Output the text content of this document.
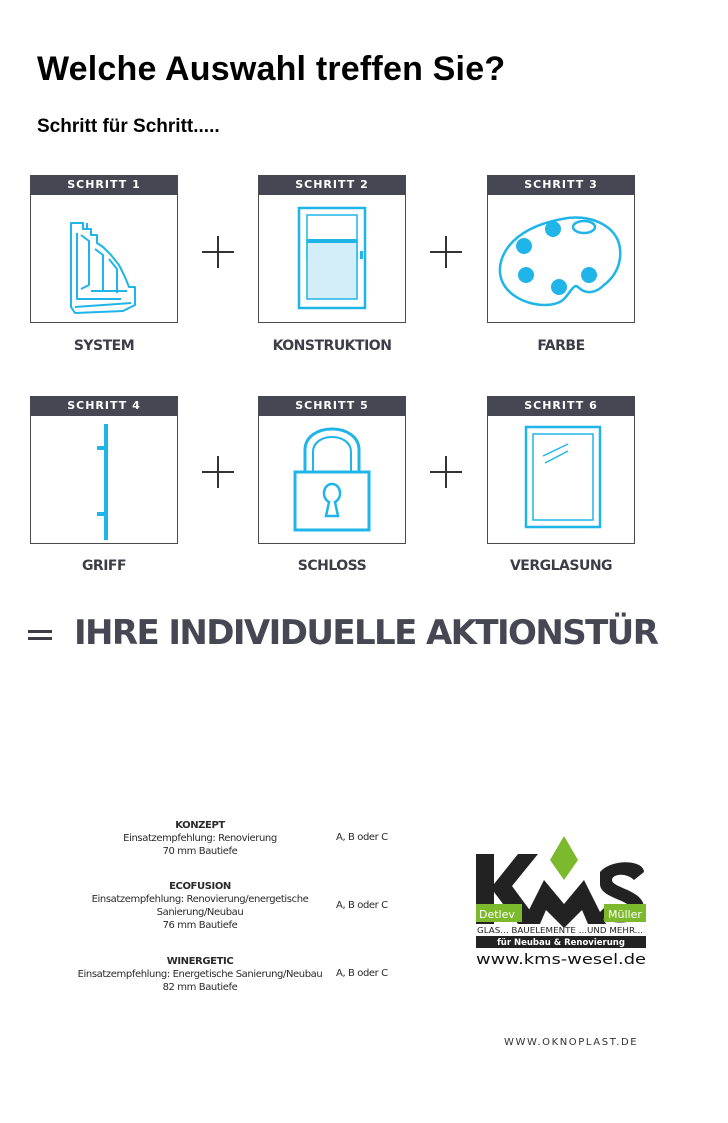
Welche Auswahl treffen Sie?
Schritt für Schritt.....
SCHRITT 1
SYSTEM
SCHRITT 2
KONSTRUKTION
SCHRITT 3
FARBE
SCHRITT 4
GRIFF
SCHRITT 5
SCHLOSS
SCHRITT 6
VERGLASUNG
IHRE INDIVIDUELLE AKTIONSTÜR
KONZEPT
Einsatzempfehlung: Renovierung
70 mm Bautiefe
A, B oder C
ECOFUSION
Einsatzempfehlung: Renovierung/energetische
Sanierung/Neubau
76 mm Bautiefe
A, B oder C
WINERGETIC
Einsatzempfehlung: Energetische Sanierung/Neubau
82 mm Bautiefe
A, B oder C
Detlev	Müller
GLAS... BAUELEMENTE ...UND MEHR...
für Neubau & Renovierung
www.kms-wesel.de
WWW.OKNOPLAST.DE
